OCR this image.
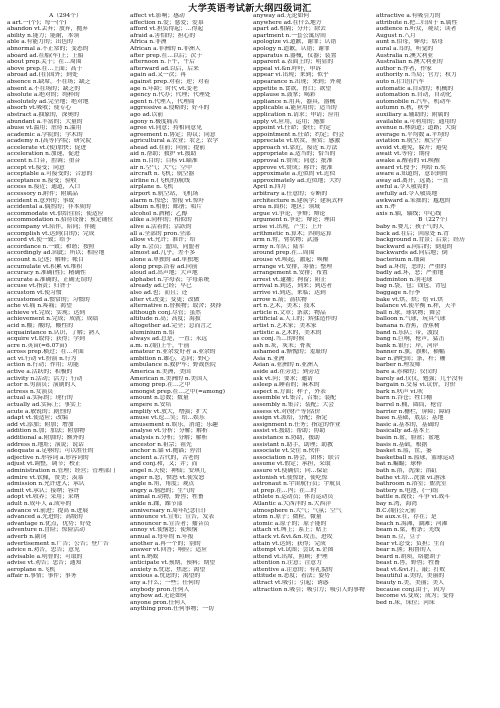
大学英语考试新大纲四级词汇
A（294个）
a art.一(个)；每一(个)
abandon vt.丢弃；放弃，抛弃
ability n.能力；能耐，本领
able a.有能力的；出色的
abnormal a.不正常的；变态的
aboard ad.在船(车)上；上船
about prep.关于；在…周围
above prep.在…上面；高于
abroad ad.(在)国外；到处
absence n.缺席，不在场；缺乏
absent a.不在场的；缺乏的
absolute a.绝对的；纯粹的
absolutely ad.完全地；绝对地
absorb vt.吸收；使专心
abstract a.抽象的，深奥的
abundant a.丰富的；大量的
abuse vt.滥用；虐待 n.滥用
academic a.学院的；学术的
academy n.(高等)学院；研究院
accelerate vt.(使)加快；促进
acceleration n.加速，促进
accent n.口音，腔调；重音
accept vt.接受；同意
acceptable a.可接受的；合意的
acceptance n.接受；验收
access n.接近；通道，入口
accessory n.附件；附属品
accident n.意外的；事故
accidental a.偶然的；非本质的
accommodate vt.供给住宿；使适应
accommodation n.招待设备；预定铺位
accompany vt.陪伴，陪同；伴随
accomplish vt.达到(目的)；完成
accord vt.使一致；给予
accordance n.一致；和谐；按照
accordingly ad.因此；所以；相应地
account n.记述；解释；帐目
accumulate vt.积累 vi.堆积
accuracy n.准确(性)；精确性
accurate a.准确的，正确无误的
accuse vt.指责；归咎于
accustom vt.使习惯
accustomed a.惯常的；习惯的
ache vi.痛 n.疼痛；渴望
achieve vt.完成；实现；达到
achievement n.完成；成就；成绩
acid n.酸；酸的，酸性的
acquaintance n.认识，了解；熟人
acquire vt.取得；获得；学到
acre n.英亩(=6.07亩)
across prep.横过；在…对面
act vi.行动 vt.扮演 n.行为
action n.行动；作用；功能
active a.活跃的；积极的
activity n.活动；活力；行动
actor n.男演员；演剧的人
actress n.女演员
actual a.实际的；现行的
actually ad.实际上；事实上
acute a.敏锐的；剧烈的
adapt vt.使适应；改编
add vt.添加；附加；增加
addition n.加；加法；附加物
additional a.附加的；额外的
address n.地址；演说；说话
adequate a.足够的；可以胜任的
adjective n.形容词 a.形容词的
adjust vt.调整，调节；校正
administration n.管理；经营；管理部门
admire vt.钦佩，赞美；羡慕
admission n.允许进入；承认
admit vt.承认；接纳；容许
adopt vt.收养；采用；采纳
adult n.成年人 a.成年的
advance vi.前进；提高 n.进展
advanced a.先进的；高级的
advantage n.优点，优势；好处
adventure n.冒险；惊险活动
adverb n.副词
advertisement n.广告；公告；登广告
advice n.劝告，忠告；意见
advisable a.明智的；可取的
advise vt.劝告；忠告；通知
aeroplane n.飞机
affair n.事情；事件；事务
affect vt.影响；感动
affection n.爱；慈爱；爱慕
afford vt.担负得起；…得起
afraid a.害怕的；担心的
Africa n.非洲
African a.非洲的 n.非洲人
after prep.在…以后；次于
afternoon n.下午，午后
afterward ad.以后，后来
again ad.又一次；再
against prep.对着；逆；对着
age n.年龄；时代 vt.变老
agency n.代办；代理；代理处
agent n.代理人，代理商
aggressive a.侵略的；好斗的
ago ad.以前
agony n.极度痛苦
agree vi.同意；持相同意见
agreement n.协定；协议；同意
agricultural a.农业；农艺；农学
ahead ad.在前；向前；提前
aid n.帮助；救护 vt.援助
aim n.目的；目标 vi.瞄准
air n.空气；大气；空中
aircraft n.飞机；航空器
airline n.(飞机的)航线
airplane n.飞机
airport n.航空站，飞机场
alarm n.惊恐；警报 vt.惊吓
album n.相册；邮册；唱片
alcohol n.酒精；乙醇
alike a.同样的；相似的
alive a.活着的；活跃的
all a.全部的 pron.全部
allow vt.允许；准许；给
ally n.会员；盟国，同盟者
almost ad.几乎，差不多
alone a.单独的 ad.单独地
along prep.沿着 ad.向前
aloud ad.出声地；大声地
alphabet n.字母表；字母系统
already ad.已经；早已
also ad.也；而且；还
alter vt.改变；变更；改做
alternative n.替换物；取舍；抉择
although conj.尽管；虽然
altitude n.高；高度；海拔
altogether ad.完全；总而言之
aluminium n.铝
always ad.总是，一直；永远
a.m. n.(缩)上午，午前
amateur n.业余爱好者 a.业余的
ambition n.雄心，志向；野心
ambulance n.救护车；野战医院
America n.美洲，美国
American n.美洲的 n.美国人
among prep.在…之中
amongst prep.在…之中(=among)
amount n.总数；数量
ampere n.安培
amplify vt.放大，增强；扩大
amuse vt.逗…笑；给…娱乐
amusement n.娱乐，消遣；乐趣
analyse vt.分析；分解；解析
analysis n.分析；分解；解析
ancestor n.祖宗；祖先
anchor n.锚 vi.抛锚；停泊
ancient a.古代的，古老的
and conj.和，又；并；而
angel n.天使；神仙；安琪儿
anger n.怒，愤怒 vt.使发怒
angle n.角，角度；观点
angry a.恼怒的；生气的
animal n.动物，野兽；牲畜
ankle n.踝，踝节部
anniversary n.周年纪念(日)
announce vt.宣布；宣告，发表
announcer n.宣告者；播音员
annoy vt.使恼怒；使烦恼
annual a.每年的 n.年报
another a.再一个的；别的
answer vt.回答；响应；适应
ant n.蚂蚁
anticipate vt.预期，预料；期望
anxiety n.忧虑，焦虑；渴望
anxious a.忧虑的；渴望的
any a.什么；一些；任何的
anybody pron.任何人
anyhow ad.无论如何
anyone pron.任何人
anything pron.任何事物；一切
anyway ad.无论如何
anywhere ad.在什么地方
apart ad.相隔；分开；除去
apartment n.一套公寓房间
apologize vi.道歉，谢罪；认错
apology n.道歉，认错；谢罪
apparatus n.器械，仪器；装置
apparent a.表面上的；明显的
appeal vi.&n.呼吁，申诉
appear vi.出现；来到；似乎
appearance n.出现；来到；外观
appetite n.食欲，胃口；欲望
applause n.鼓掌；喝彩
appliance n.用具，器具，器械
applicable a.能应用的；适当的
application n.请求；申请；应用
apply vt.应用，运用；施加
appoint vt.任命；委任；约定
appointment n.任命；约定；约会
appreciate vt.欣赏，鉴赏；感激
approach vi.靠近，接近 n.方法
appropriate a.适当的；恰当的
approval n.赞成；同意；批准
approve vt.赞成；称许；批准
approximate a.近似的 vt.近似
approximately ad.近似地；大约
April n.四月
arbitrary a.任意的；专断的
architecture n.建筑学；建筑式样
area n.面积；地区；领域
argue vi.争论，争辩；辩论
argument n.争论；辩论；理由
arise vi.出现，产生；上升
arithmetic n.算术；四则运算
arm n.臂，臂状物；武器
army n.军队；陆军
around prep.在…周围
arouse vt.唤起，激起；唤醒
arrange vt.安排，筹备；整理
arrangement n.安排；布置
arrest vt.逮捕；拘留；阻止
arrival n.到达，到来；到达者
arrive vi.到达，来临；达到
arrow n.箭；箭状物
art n.艺术，美术；技术
article n.文章；条款；物品
artificial a.人工的；矫揉造作的
artist n.艺术家；美术家
artistic a.艺术的，美术的
as conj.当…的时候
ash n.灰，灰末；骨灰
ashamed a.惭愧的；羞耻的
Asia n.亚洲
Asian a.亚洲的 n.亚洲人
aside ad.在旁边；到旁边
ask vt.问；要求；邀请
asleep a.睡着的；麻木的
aspect n.方面；样子，外表
assemble vt.集合，召集；装配
assembly n.集合；装配；大会
assess vt.对(财产等)估价
assign vt.派给，分配；指定
assignment n.任务；指定的作业
assist vt.援助；帮助；协助
assistance n.协助，援助
assistant n.助手，助理；助教
associate vt.交往 n.伙伴
association n.协会，团体；联合
assume vt.假定；承担，采取
assure vt.使确信；向…保证
astonish vt.使惊讶，使吃惊
astronaut n.宇宙航行员；宇航员
at prep.在…内；在…时
athlete n.运动员；体育运动员
Atlantic a.大西洋的 n.大西洋
atmosphere n.大气；气氛；空气
atom n.原子；微粒，微量
atomic a.原子的；原子能的
attach vt.缚上；系上；贴上
attack vt.&vi.&n.攻击，进攻
attain vt.达到；获得；完成
attempt vt.试图；尝试 n.企图
attend vt.出席，照顾；护理
attention n.注意；注意力
attentive a.注意的；有礼貌的
attitude n.态度；看法；姿势
attract vt.吸引；引起；诱惑
attraction n.吸引；吸引力；吸引人的事物
attractive a.有吸引力的
attribute n.把…归因于 n.属性
audience n.听众，观众；读者
August n.八月
aunt n.伯母，婶母；姑母
aural a.耳的，听觉的
Australia n.澳大利亚
Australian n.澳大利亚的
author n.作者，作家
authority n.当局；官方；权力
auto n.(口语)汽车
automatic a.自动的；机械的
automation n.自动，自动化
automobile n.汽车，机动车
autumn n.秋，秋季
auxiliary a.辅助的；附属的
available a.可利用的；通用的
avenue n.林荫道；道路；大街
average n.平均数 a.平均的
aviation n.航空；航空学
avoid vt.避免，躲开；避免
await vt.等待；期待
awake a.醒着的 vi.唤醒
award vt.授予；判给 n.奖
aware a.知道的，意识到的
away ad.离开，远离；一直
awful a.令人敬畏的
awfully ad.令人敬畏地
awkward a.笨拙的；尴尬的
ax n.斧
axis n.轴，轴线；中心线
B（227个）
baby n.婴儿；孩子气的人
back ad.在后；回原处 n.背
background n.背景；后景；经历
backward a.向后的；倒退的
backwards ad.向后地；倒
bacterium n.细菌
bad a.坏的，恶的；严重的
badly ad.坏，恶；严重地
badminton n.羽毛球
bag n.袋，包；钱包，背包
baggage n.行李
bake vt.烘，烘；焙 vi.烘
balance vt.使平衡 n.秤，天平
ball n.球，球状物；舞会
balloon n.气球，玩具气球
banana n.香蕉，香蕉树
band n.乐队；带，波段
bang n.巨响，枪声，猛击
bank n.银行；岸，河岸
banner n.旗，旗帜，横幅
bar n.酒吧间；条，杆；栅
barber n.理发师
bare a.赤裸的；仅仅的
barely ad.仅仅，勉强；几乎没有
bargain n.交易 vi.议价，讨价
bark n.吠声 vi.吠
barn n.谷仓；牲口棚
barrel n.桶，圆筒，枪管
barrier n.栅栏，屏障；障碍
base n.基础，底层；基地
basic a.基本的，基础的
basically ad.基本上
basin n.盆，脸盆；盆地
basis n.基础，根据
basket n.篮，筐，篓
basketball n.篮球，篮球运动
bat n.蝙蝠；球棒
bath n.浴，洗澡；浴缸
bathe vt.给…洗澡 vi.游泳
bathroom n.浴室；盥洗室
battery n.电池，(一)组
battle n.战役；斗争 vi.战斗
bay n.湾，海湾
B.C.(缩)公元前
be aux.v.在，存在；是
beach n.海滩，湖滩；河滩
beam n.梁，桁条；光线
bean n.豆，豆子
bear vt.忍受；负担；生育
bear n.熊；粗鲁的人
beard n.胡须，络腮胡子
beast n.兽，野兽；牲畜
beat vt.&vi.打，敲；打败
beautiful a.美的，美丽的
beauty n.美，美丽；美人
because conj.由于，因为
become vi.变成；成为；变得
bed n.床，床位；河床
